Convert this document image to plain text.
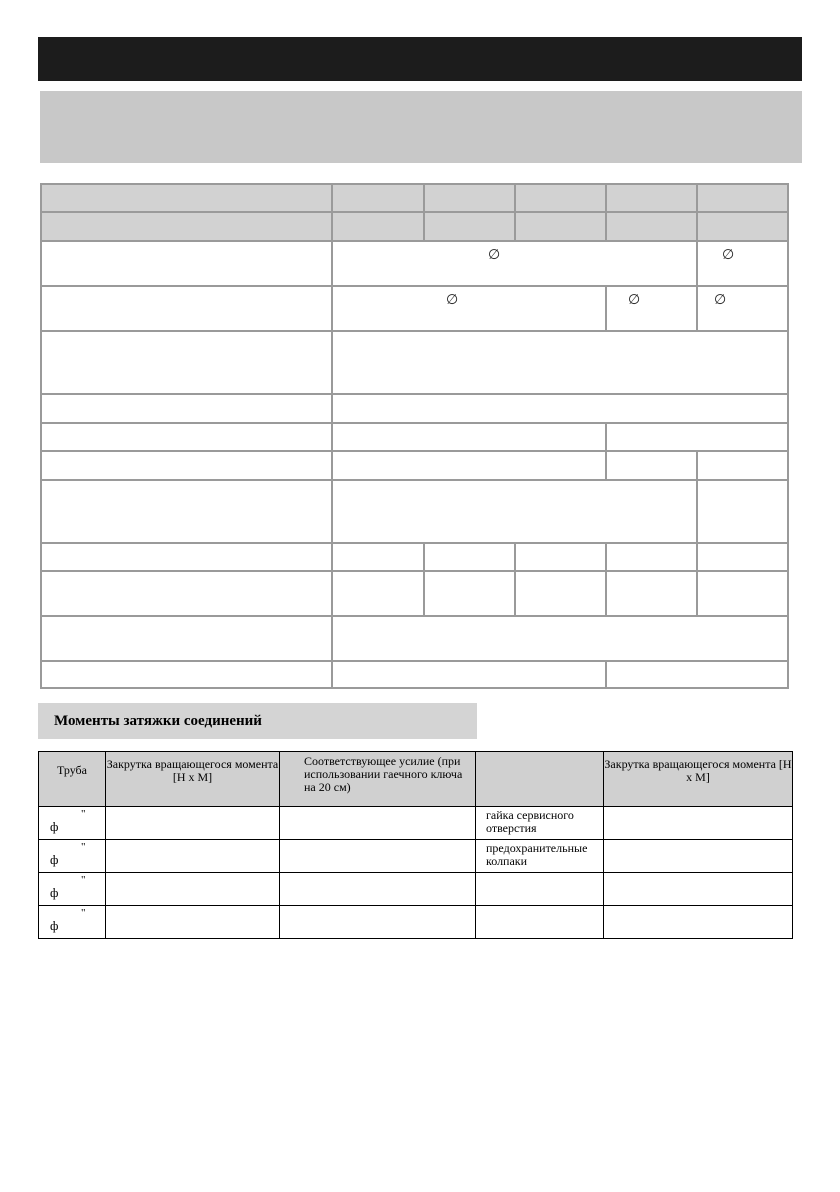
∅	∅
∅	∅	∅
Моменты затяжки соединений
Труба	Закрутка вращающегося момента [Н х М]	Соответствующее усилие (при использовании гаечного ключа на 20 см)		Закрутка вращающегося момента [Н х М]

"
ф			гайка сервисного отверстия	

"
ф			предохранительные колпаки	

"
ф				

"
ф				
